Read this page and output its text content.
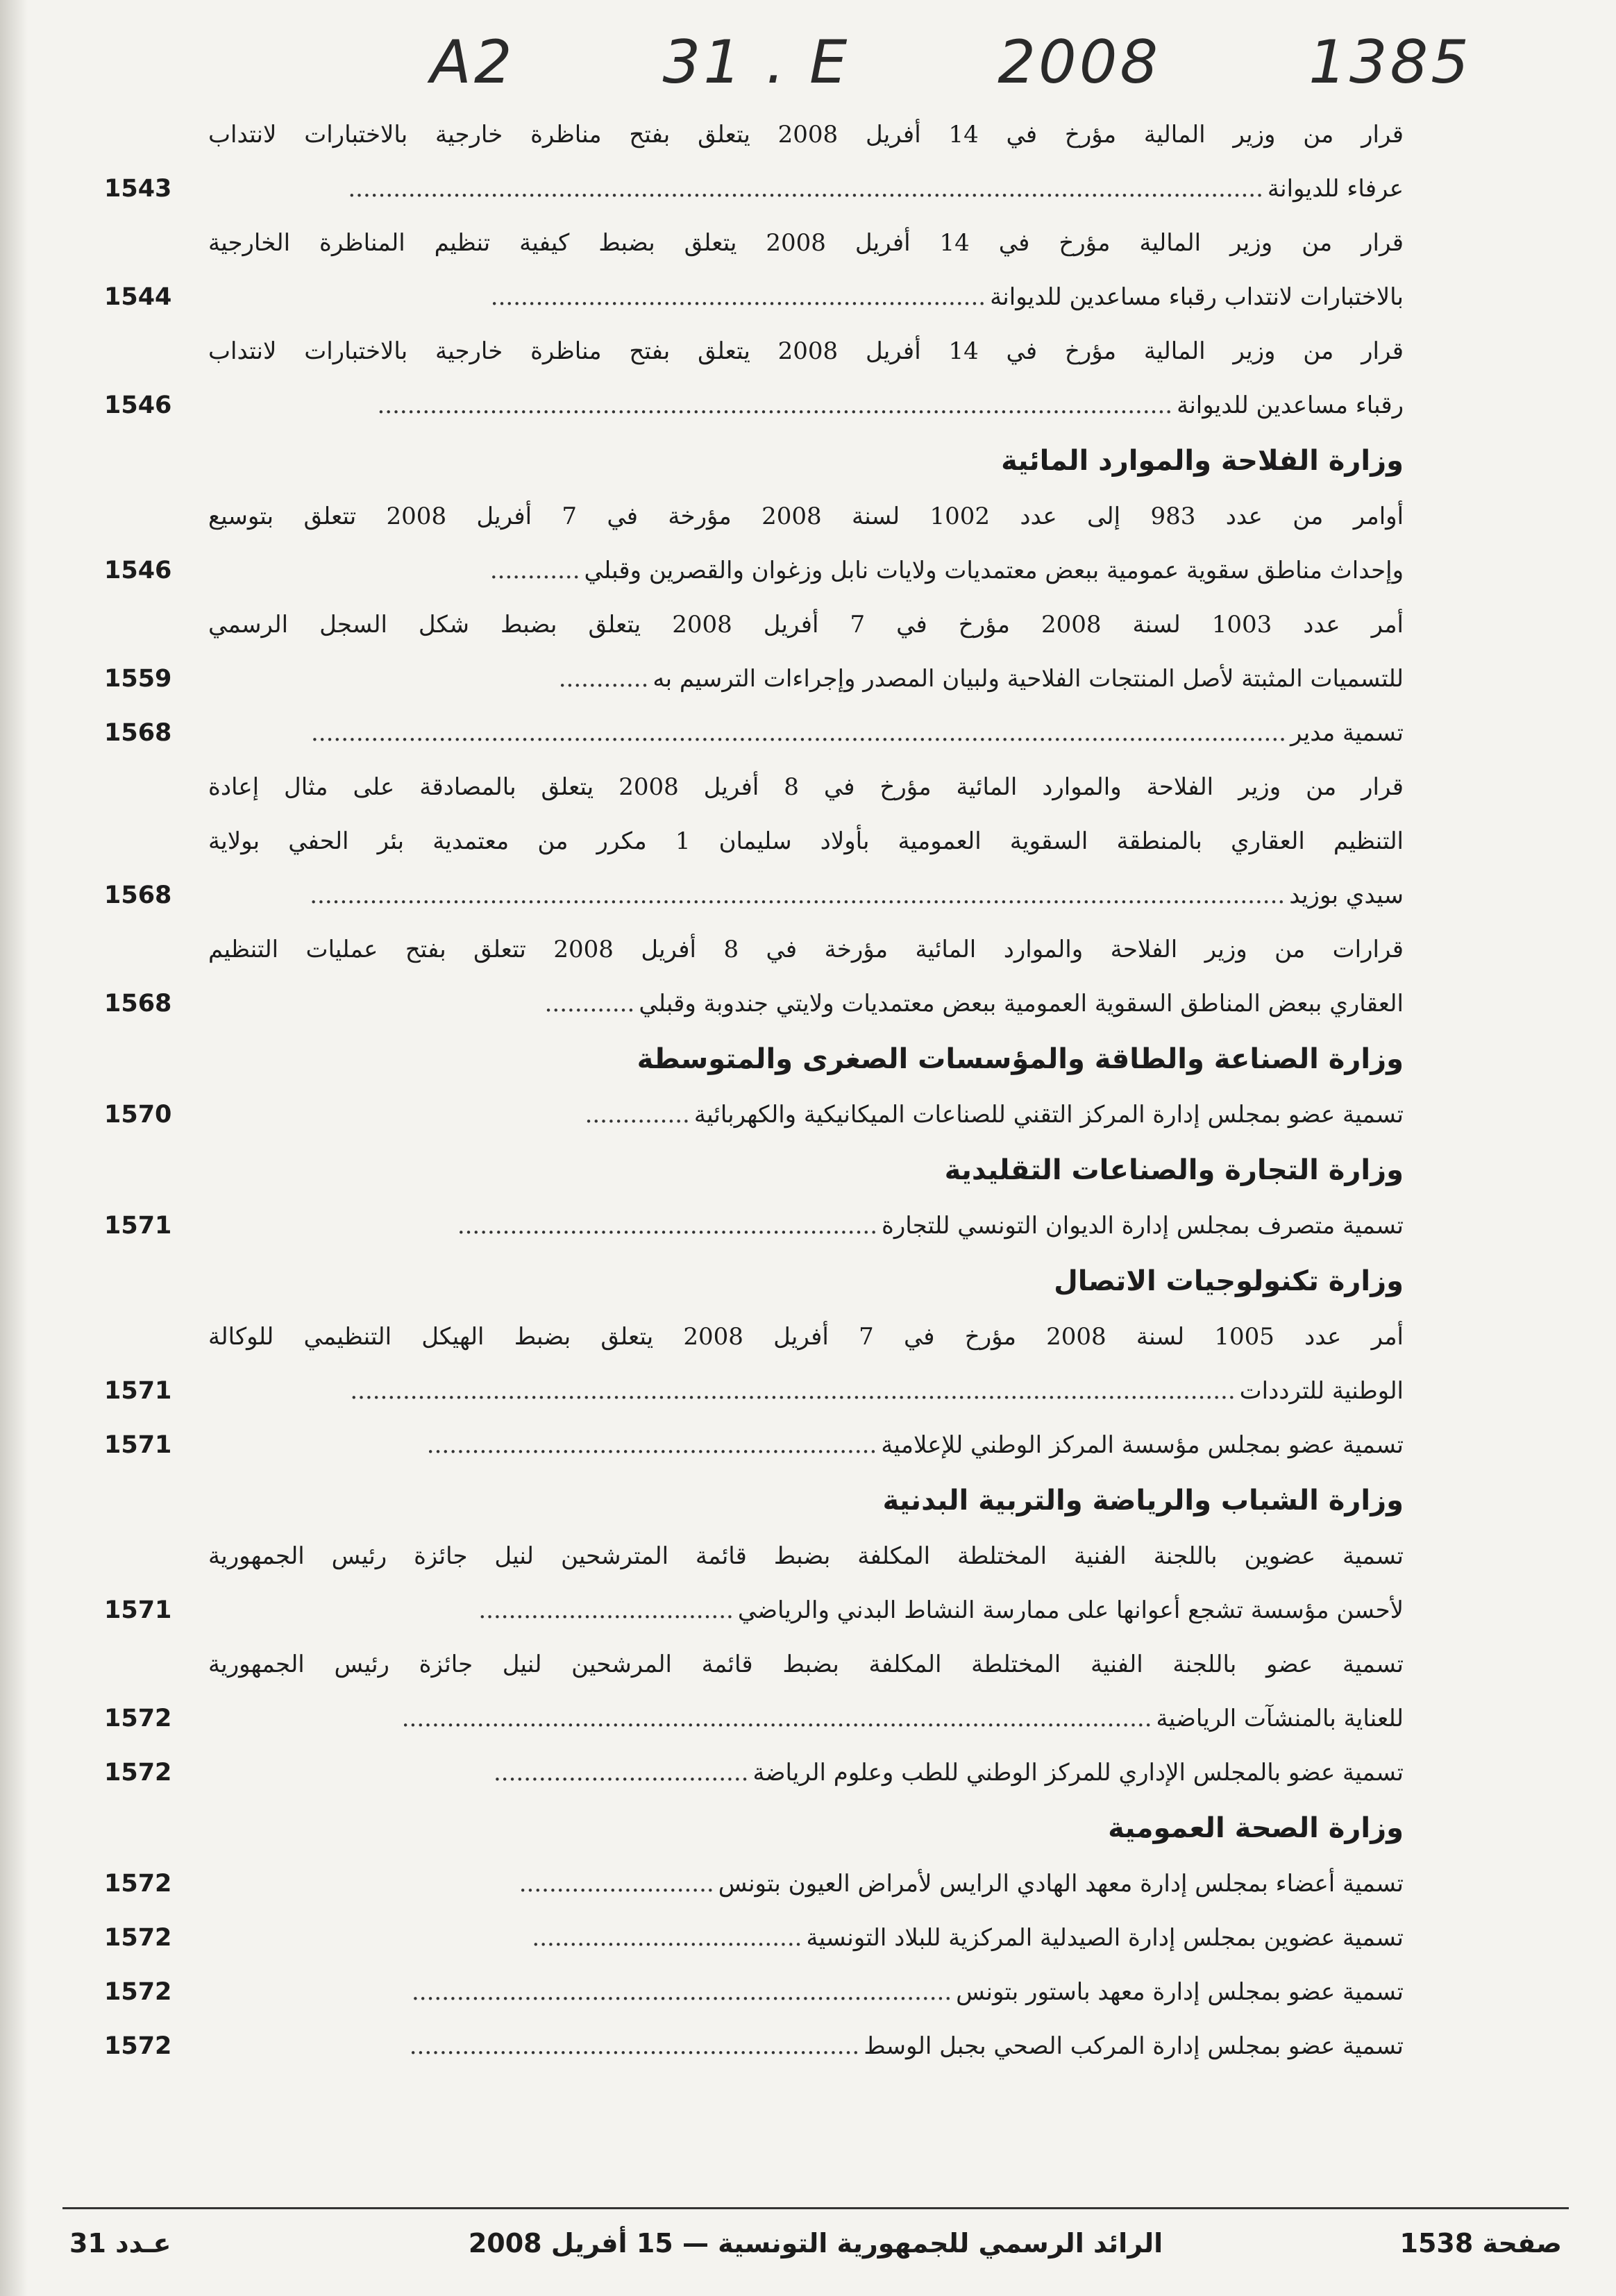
A2 31 . E 2008 1385
قرار من وزير المالية مؤرخ في 14 أفريل 2008 يتعلق بفتح مناظرة خارجية بالاختبارات لانتداب
1543	عرفاء للديوانة..........................................................................................................................
قرار من وزير المالية مؤرخ في 14 أفريل 2008 يتعلق بضبط كيفية تنظيم المناظرة الخارجية
1544	بالاختبارات لانتداب رقباء مساعدين للديوانة..................................................................
قرار من وزير المالية مؤرخ في 14 أفريل 2008 يتعلق بفتح مناظرة خارجية بالاختبارات لانتداب
1546	رقباء مساعدين للديوانة..........................................................................................................
وزارة الفلاحة والموارد المائية
أوامر من عدد 983 إلى عدد 1002 لسنة 2008 مؤرخة في 7 أفريل 2008 تتعلق بتوسيع
1546	وإحداث مناطق سقوية عمومية ببعض معتمديات ولايات نابل وزغوان والقصرين وقبلي............
أمر عدد 1003 لسنة 2008 مؤرخ في 7 أفريل 2008 يتعلق بضبط شكل السجل الرسمي
1559	للتسميات المثبتة لأصل المنتجات الفلاحية ولبيان المصدر وإجراءات الترسيم به............
1568	تسمية مدير..................................................................................................................................
قرار من وزير الفلاحة والموارد المائية مؤرخ في 8 أفريل 2008 يتعلق بالمصادقة على مثال إعادة
التنظيم العقاري بالمنطقة السقوية العمومية بأولاد سليمان 1 مكرر من معتمدية بئر الحفي بولاية
1568	سيدي بوزيد..................................................................................................................................
قرارات من وزير الفلاحة والموارد المائية مؤرخة في 8 أفريل 2008 تتعلق بفتح عمليات التنظيم
1568	العقاري ببعض المناطق السقوية العمومية ببعض معتمديات ولايتي جندوبة وقبلي............
وزارة الصناعة والطاقة والمؤسسات الصغرى والمتوسطة
1570	تسمية عضو بمجلس إدارة المركز التقني للصناعات الميكانيكية والكهربائية..............
وزارة التجارة والصناعات التقليدية
1571	تسمية متصرف بمجلس إدارة الديوان التونسي للتجارة........................................................
وزارة تكنولوجيات الاتصال
أمر عدد 1005 لسنة 2008 مؤرخ في 7 أفريل 2008 يتعلق بضبط الهيكل التنظيمي للوكالة
1571	الوطنية للترددات......................................................................................................................
1571	تسمية عضو بمجلس مؤسسة المركز الوطني للإعلامية............................................................
وزارة الشباب والرياضة والتربية البدنية
تسمية عضوين باللجنة الفنية المختلطة المكلفة بضبط قائمة المترشحين لنيل جائزة رئيس الجمهورية
1571	لأحسن مؤسسة تشجع أعوانها على ممارسة النشاط البدني والرياضي..................................
تسمية عضو باللجنة الفنية المختلطة المكلفة بضبط قائمة المرشحين لنيل جائزة رئيس الجمهورية
1572	للعناية بالمنشآت الرياضية....................................................................................................
1572	تسمية عضو بالمجلس الإداري للمركز الوطني للطب وعلوم الرياضة..................................
وزارة الصحة العمومية
1572	تسمية أعضاء بمجلس إدارة معهد الهادي الرايس لأمراض العيون بتونس..........................
1572	تسمية عضوين بمجلس إدارة الصيدلية المركزية للبلاد التونسية....................................
1572	تسمية عضو بمجلس إدارة معهد باستور بتونس........................................................................
1572	تسمية عضو بمجلس إدارة المركب الصحي بجبل الوسط............................................................
صفحة 1538
الرائد الرسمي للجمهورية التونسية — 15 أفريل 2008
عـدد 31
